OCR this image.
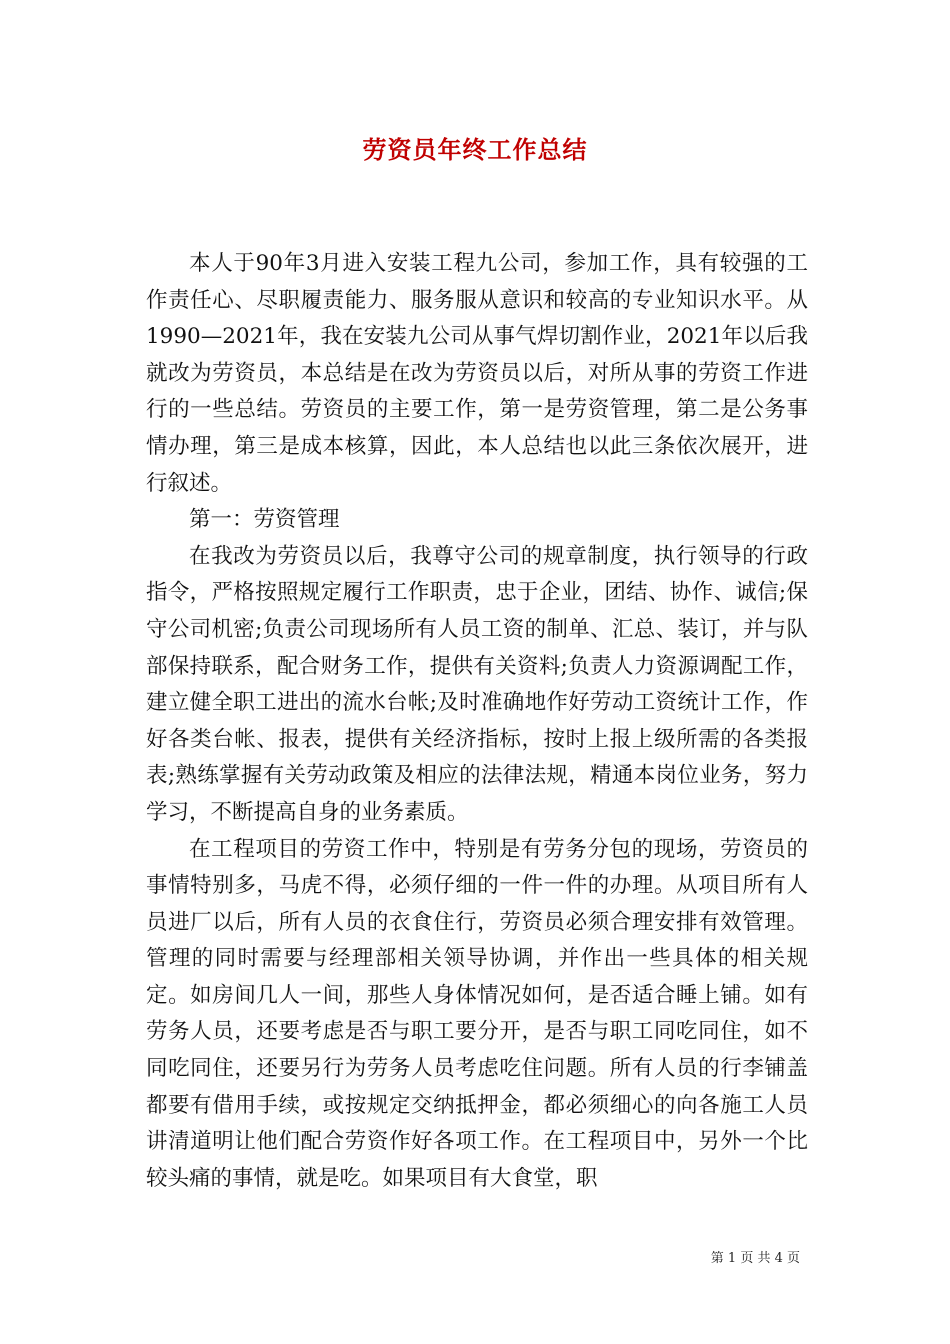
劳资员年终工作总结

本人于90年3月进入安装工程九公司，参加工作，具有较强的工作责任心、尽职履责能力、服务服从意识和较高的专业知识水平。从1990—2021年，我在安装九公司从事气焊切割作业，2021年以后我就改为劳资员，本总结是在改为劳资员以后，对所从事的劳资工作进行的一些总结。劳资员的主要工作，第一是劳资管理，第二是公务事情办理，第三是成本核算，因此，本人总结也以此三条依次展开，进行叙述。

第一：劳资管理

在我改为劳资员以后，我尊守公司的规章制度，执行领导的行政指令，严格按照规定履行工作职责，忠于企业，团结、协作、诚信;保守公司机密;负责公司现场所有人员工资的制单、汇总、装订，并与队部保持联系，配合财务工作，提供有关资料;负责人力资源调配工作，建立健全职工进出的流水台帐;及时准确地作好劳动工资统计工作，作好各类台帐、报表，提供有关经济指标，按时上报上级所需的各类报表;熟练掌握有关劳动政策及相应的法律法规，精通本岗位业务，努力学习，不断提高自身的业务素质。

在工程项目的劳资工作中，特别是有劳务分包的现场，劳资员的事情特别多，马虎不得，必须仔细的一件一件的办理。从项目所有人员进厂以后，所有人员的衣食住行，劳资员必须合理安排有效管理。管理的同时需要与经理部相关领导协调，并作出一些具体的相关规定。如房间几人一间，那些人身体情况如何，是否适合睡上铺。如有劳务人员，还要考虑是否与职工要分开，是否与职工同吃同住，如不同吃同住，还要另行为劳务人员考虑吃住问题。所有人员的行李铺盖都要有借用手续，或按规定交纳抵押金，都必须细心的向各施工人员讲清道明让他们配合劳资作好各项工作。在工程项目中，另外一个比较头痛的事情，就是吃。如果项目有大食堂，职

第 1 页 共 4 页
